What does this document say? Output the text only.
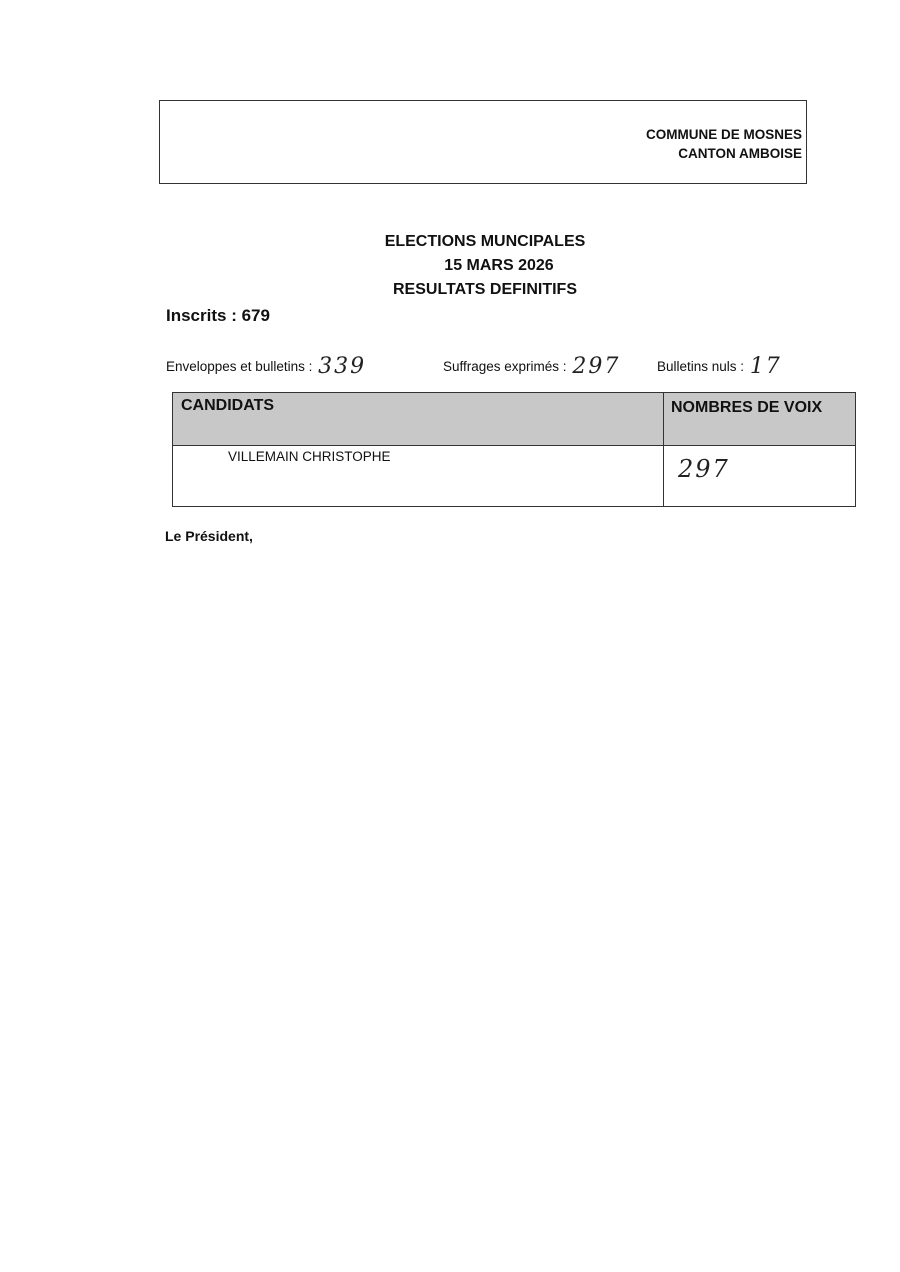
COMMUNE DE MOSNES
CANTON AMBOISE
ELECTIONS MUNCIPALES
15 MARS 2026
RESULTATS DEFINITIFS
Inscrits : 679
Enveloppes et bulletins : 339	Suffrages exprimés : 297	Bulletins nuls : 17
CANDIDATS	NOMBRES DE VOIX
VILLEMAIN CHRISTOPHE	297
Le Président,
